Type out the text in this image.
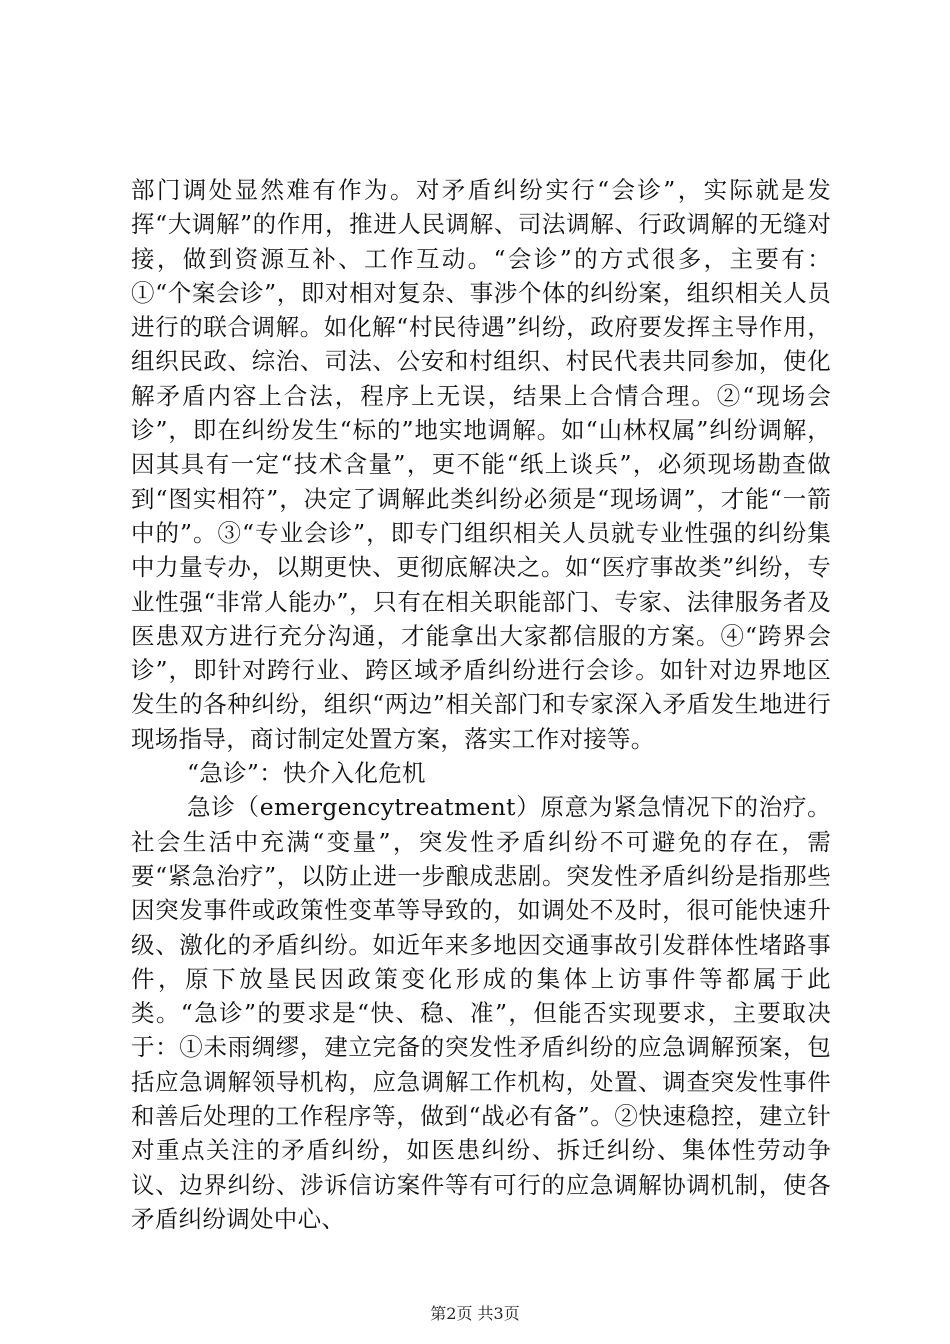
部门调处显然难有作为。对矛盾纠纷实行“会诊”，实际就是发挥“大调解”的作用，推进人民调解、司法调解、行政调解的无缝对接，做到资源互补、工作互动。“会诊”的方式很多，主要有：①“个案会诊”，即对相对复杂、事涉个体的纠纷案，组织相关人员进行的联合调解。如化解“村民待遇”纠纷，政府要发挥主导作用，组织民政、综治、司法、公安和村组织、村民代表共同参加，使化解矛盾内容上合法，程序上无误，结果上合情合理。②“现场会诊”，即在纠纷发生“标的”地实地调解。如“山林权属”纠纷调解，因其具有一定“技术含量”，更不能“纸上谈兵”，必须现场勘查做到“图实相符”，决定了调解此类纠纷必须是“现场调”，才能“一箭中的”。③“专业会诊”，即专门组织相关人员就专业性强的纠纷集中力量专办，以期更快、更彻底解决之。如“医疗事故类”纠纷，专业性强“非常人能办”，只有在相关职能部门、专家、法律服务者及医患双方进行充分沟通，才能拿出大家都信服的方案。④“跨界会诊”，即针对跨行业、跨区域矛盾纠纷进行会诊。如针对边界地区发生的各种纠纷，组织“两边”相关部门和专家深入矛盾发生地进行现场指导，商讨制定处置方案，落实工作对接等。

“急诊”：快介入化危机

急诊（emergencytreatment）原意为紧急情况下的治疗。社会生活中充满“变量”，突发性矛盾纠纷不可避免的存在，需要“紧急治疗”，以防止进一步酿成悲剧。突发性矛盾纠纷是指那些因突发事件或政策性变革等导致的，如调处不及时，很可能快速升级、激化的矛盾纠纷。如近年来多地因交通事故引发群体性堵路事件，原下放垦民因政策变化形成的集体上访事件等都属于此类。“急诊”的要求是“快、稳、准”，但能否实现要求，主要取决于：①未雨绸缪，建立完备的突发性矛盾纠纷的应急调解预案，包括应急调解领导机构，应急调解工作机构，处置、调查突发性事件和善后处理的工作程序等，做到“战必有备”。②快速稳控，建立针对重点关注的矛盾纠纷，如医患纠纷、拆迁纠纷、集体性劳动争议、边界纠纷、涉诉信访案件等有可行的应急调解协调机制，使各矛盾纠纷调处中心、

第2页 共3页
